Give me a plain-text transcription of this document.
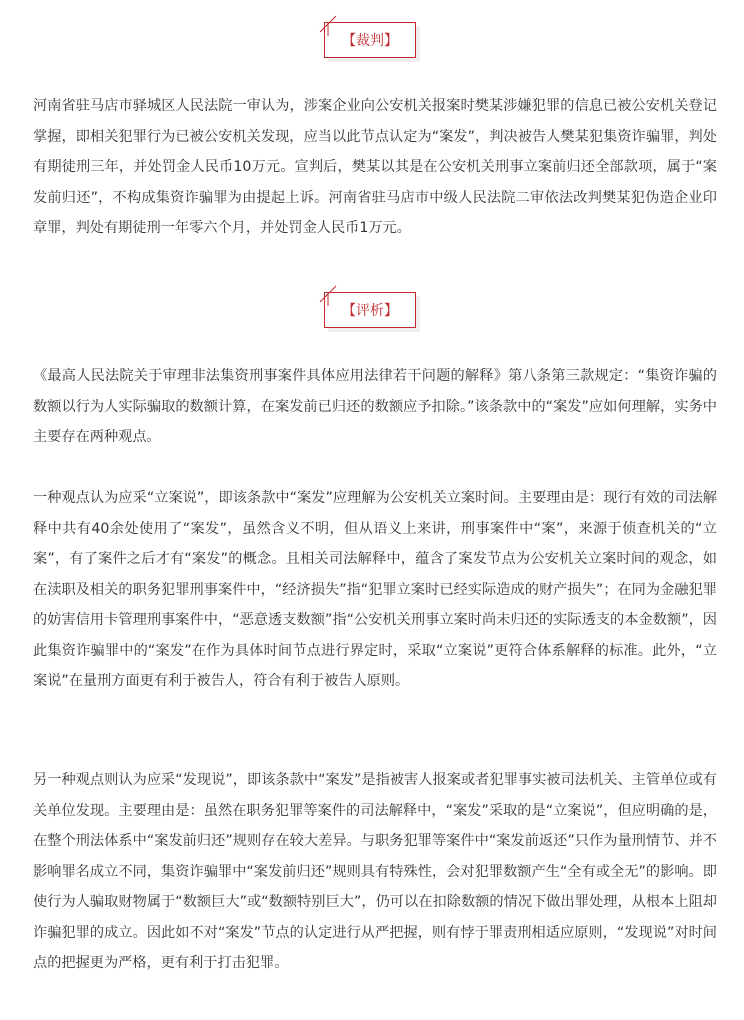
【裁判】

河南省驻马店市驿城区人民法院一审认为，涉案企业向公安机关报案时樊某涉嫌犯罪的信息已被公安机关登记掌握，即相关犯罪行为已被公安机关发现，应当以此节点认定为“案发”，判决被告人樊某犯集资诈骗罪，判处有期徒刑三年，并处罚金人民币10万元。宣判后，樊某以其是在公安机关刑事立案前归还全部款项，属于“案发前归还”，不构成集资诈骗罪为由提起上诉。河南省驻马店市中级人民法院二审依法改判樊某犯伪造企业印章罪，判处有期徒刑一年零六个月，并处罚金人民币1万元。

【评析】

《最高人民法院关于审理非法集资刑事案件具体应用法律若干问题的解释》第八条第三款规定：“集资诈骗的数额以行为人实际骗取的数额计算，在案发前已归还的数额应予扣除。”该条款中的“案发”应如何理解，实务中主要存在两种观点。

一种观点认为应采“立案说”，即该条款中“案发”应理解为公安机关立案时间。主要理由是：现行有效的司法解释中共有40余处使用了“案发”，虽然含义不明，但从语义上来讲，刑事案件中“案”，来源于侦查机关的“立案”，有了案件之后才有“案发”的概念。且相关司法解释中，蕴含了案发节点为公安机关立案时间的观念，如在渎职及相关的职务犯罪刑事案件中，“经济损失”指“犯罪立案时已经实际造成的财产损失”；在同为金融犯罪的妨害信用卡管理刑事案件中，“恶意透支数额”指“公安机关刑事立案时尚未归还的实际透支的本金数额”，因此集资诈骗罪中的“案发”在作为具体时间节点进行界定时，采取“立案说”更符合体系解释的标准。此外，“立案说”在量刑方面更有利于被告人，符合有利于被告人原则。

另一种观点则认为应采“发现说”，即该条款中“案发”是指被害人报案或者犯罪事实被司法机关、主管单位或有关单位发现。主要理由是：虽然在职务犯罪等案件的司法解释中，“案发”采取的是“立案说”，但应明确的是，在整个刑法体系中“案发前归还”规则存在较大差异。与职务犯罪等案件中“案发前返还”只作为量刑情节、并不影响罪名成立不同，集资诈骗罪中“案发前归还”规则具有特殊性，会对犯罪数额产生“全有或全无”的影响。即使行为人骗取财物属于“数额巨大”或“数额特别巨大”，仍可以在扣除数额的情况下做出罪处理，从根本上阻却诈骗犯罪的成立。因此如不对“案发”节点的认定进行从严把握，则有悖于罪责刑相适应原则，“发现说”对时间点的把握更为严格，更有利于打击犯罪。
